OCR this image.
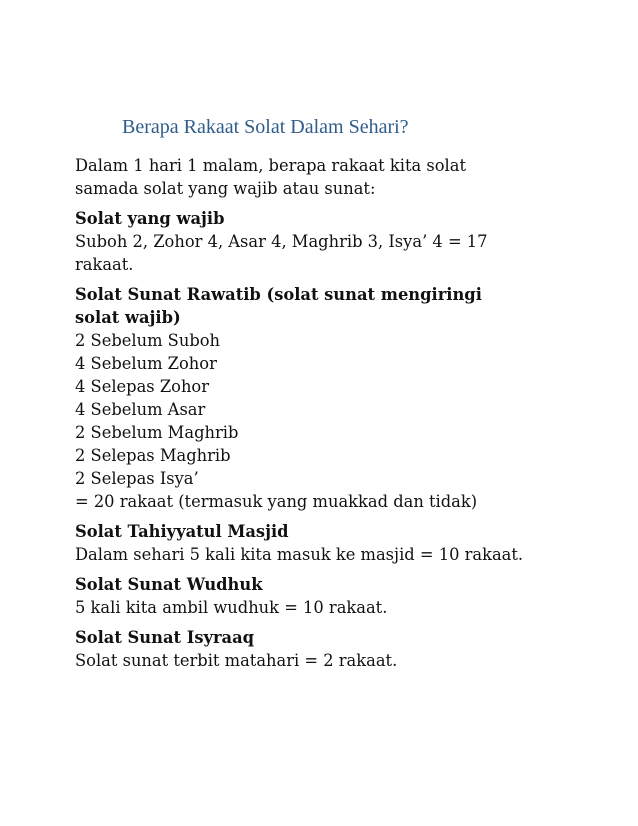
Berapa Rakaat Solat Dalam Sehari?

Dalam 1 hari 1 malam, berapa rakaat kita solat
samada solat yang wajib atau sunat:

Solat yang wajib
Suboh 2, Zohor 4, Asar 4, Maghrib 3, Isya’ 4 = 17
rakaat.

Solat Sunat Rawatib (solat sunat mengiringi
solat wajib)
2 Sebelum Suboh
4 Sebelum Zohor
4 Selepas Zohor
4 Sebelum Asar
2 Sebelum Maghrib
2 Selepas Maghrib
2 Selepas Isya’
= 20 rakaat (termasuk yang muakkad dan tidak)

Solat Tahiyyatul Masjid
Dalam sehari 5 kali kita masuk ke masjid = 10 rakaat.

Solat Sunat Wudhuk
5 kali kita ambil wudhuk = 10 rakaat.

Solat Sunat Isyraaq
Solat sunat terbit matahari = 2 rakaat.
